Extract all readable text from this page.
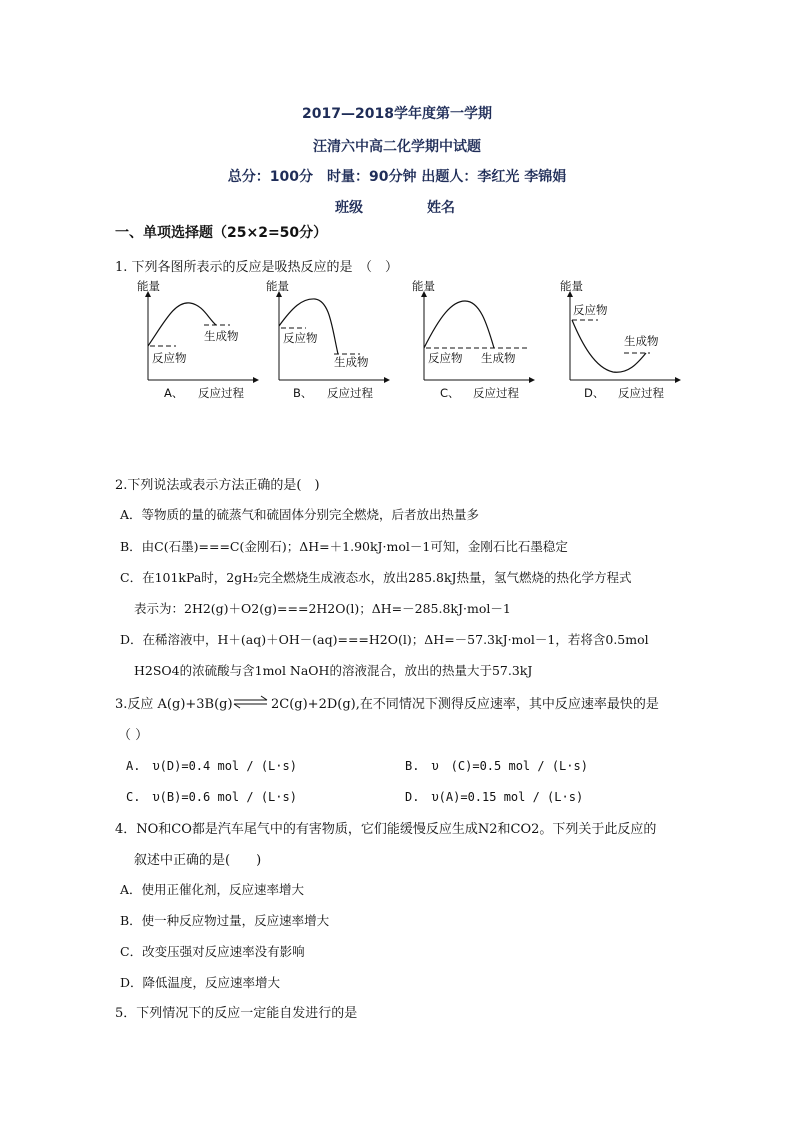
2017—2018学年度第一学期
汪清六中高二化学期中试题
总分：100分　时量：90分钟 出题人：李红光 李锦娟
班级	姓名
一、单项选择题（25×2=50分）
1. 下列各图所表示的反应是吸热反应的是　（　）
能量
反应物
生成物
A、 反应过程
能量
反应物
生成物
B、 反应过程
能量
反应物 生成物
C、 反应过程
能量
反应物
生成物
D、 反应过程
2.下列说法或表示方法正确的是(　)
A．等物质的量的硫蒸气和硫固体分别完全燃烧，后者放出热量多
B．由C(石墨)===C(金刚石)；ΔH=＋1.90kJ·mol－1可知，金刚石比石墨稳定
C．在101kPa时，2gH₂完全燃烧生成液态水，放出285.8kJ热量，氢气燃烧的热化学方程式
表示为：2H2(g)＋O2(g)===2H2O(l)；ΔH=－285.8kJ·mol－1
D．在稀溶液中，H＋(aq)＋OH－(aq)===H2O(l)；ΔH=－57.3kJ·mol－1，若将含0.5mol
H2SO4的浓硫酸与含1mol NaOH的溶液混合，放出的热量大于57.3kJ
3.反应 A(g)+3B(g) ⇌ 2C(g)+2D(g),在不同情况下测得反应速率，其中反应速率最快的是
（ ）
A.　υ(D)=0.4 mol / (L·s)	B.　υ　(C)=0.5 mol / (L·s)
C.　υ(B)=0.6 mol / (L·s)	D.　υ(A)=0.15 mol / (L·s)
4．NO和CO都是汽车尾气中的有害物质，它们能缓慢反应生成N2和CO2。下列关于此反应的
叙述中正确的是(　　)
A．使用正催化剂，反应速率增大
B．使一种反应物过量，反应速率增大
C．改变压强对反应速率没有影响
D．降低温度，反应速率增大
5．下列情况下的反应一定能自发进行的是
